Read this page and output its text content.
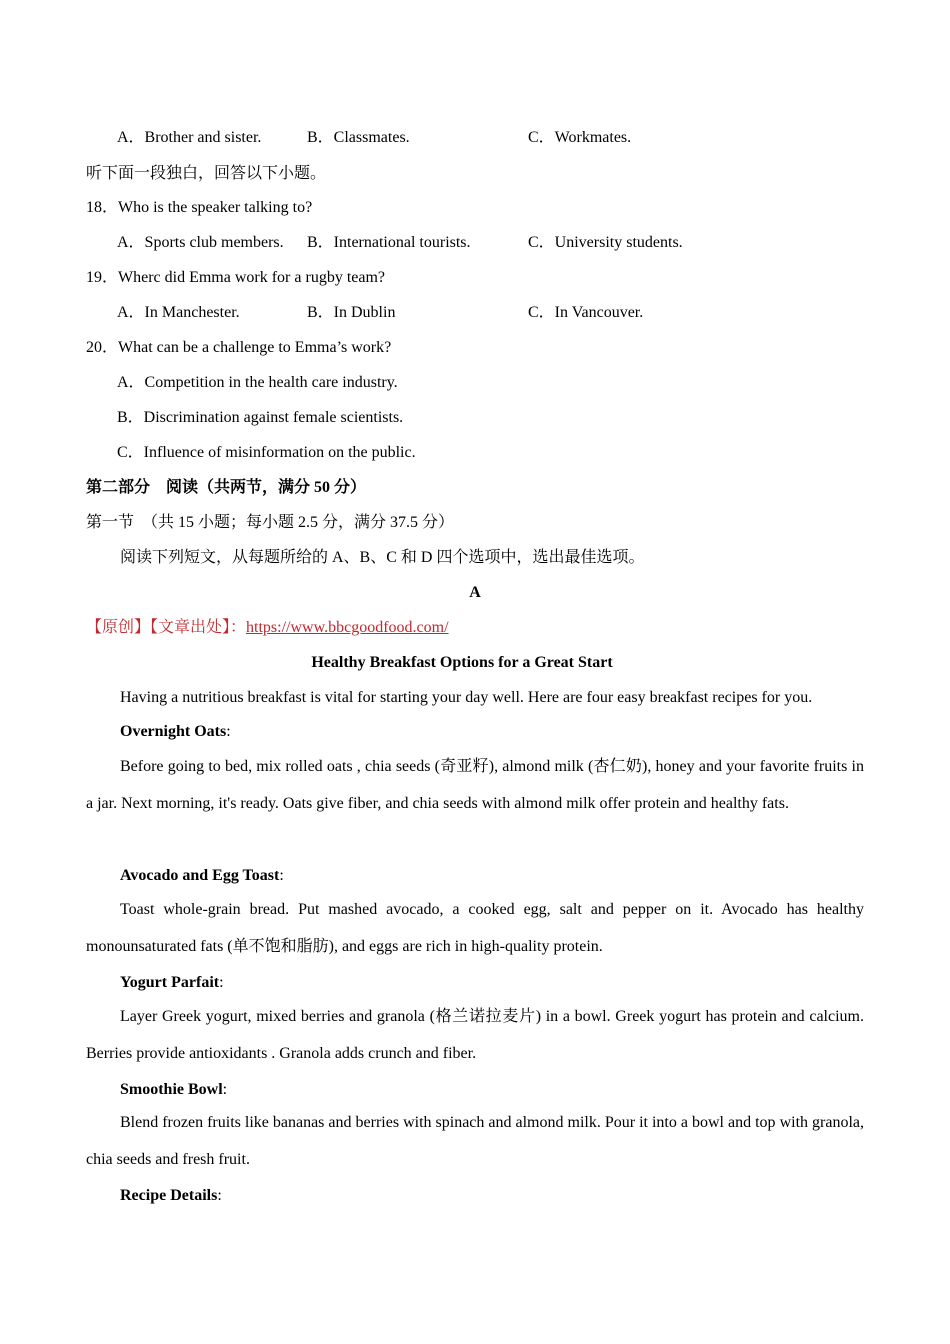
A．Brother and sister.	B．Classmates.	C．Workmates.
听下面一段独白，回答以下小题。
18．Who is the speaker talking to?
A．Sports club members. B．International tourists.	C．University students.
19．Wherc did Emma work for a rugby team?
A．In Manchester.	B．In Dublin	C．In Vancouver.
20．What can be a challenge to Emma’s work?
A．Competition in the health care industry.
B．Discrimination against female scientists.
C．Influence of misinformation on the public.
第二部分　阅读（共两节，满分 50 分）
第一节　（共 15 小题；每小题 2.5 分，满分 37.5 分）
阅读下列短文，从每题所给的 A、B、C 和 D 四个选项中，选出最佳选项。
A
【原创】【文章出处】：https://www.bbcgoodfood.com/
Healthy Breakfast Options for a Great Start
Having a nutritious breakfast is vital for starting your day well. Here are four easy breakfast recipes for you.
Overnight Oats:
Before going to bed, mix rolled oats , chia seeds (奇亚籽), almond milk (杏仁奶), honey and your favorite fruits in a jar. Next morning, it's ready. Oats give fiber, and chia seeds with almond milk offer protein and healthy fats.
Avocado and Egg Toast:
Toast whole-grain bread. Put mashed avocado, a cooked egg, salt and pepper on it. Avocado has healthy monounsaturated fats (单不饱和脂肪), and eggs are rich in high-quality protein.
Yogurt Parfait:
Layer Greek yogurt, mixed berries and granola (格兰诺拉麦片) in a bowl. Greek yogurt has protein and calcium. Berries provide antioxidants . Granola adds crunch and fiber.
Smoothie Bowl:
Blend frozen fruits like bananas and berries with spinach and almond milk. Pour it into a bowl and top with granola, chia seeds and fresh fruit.
Recipe Details:
